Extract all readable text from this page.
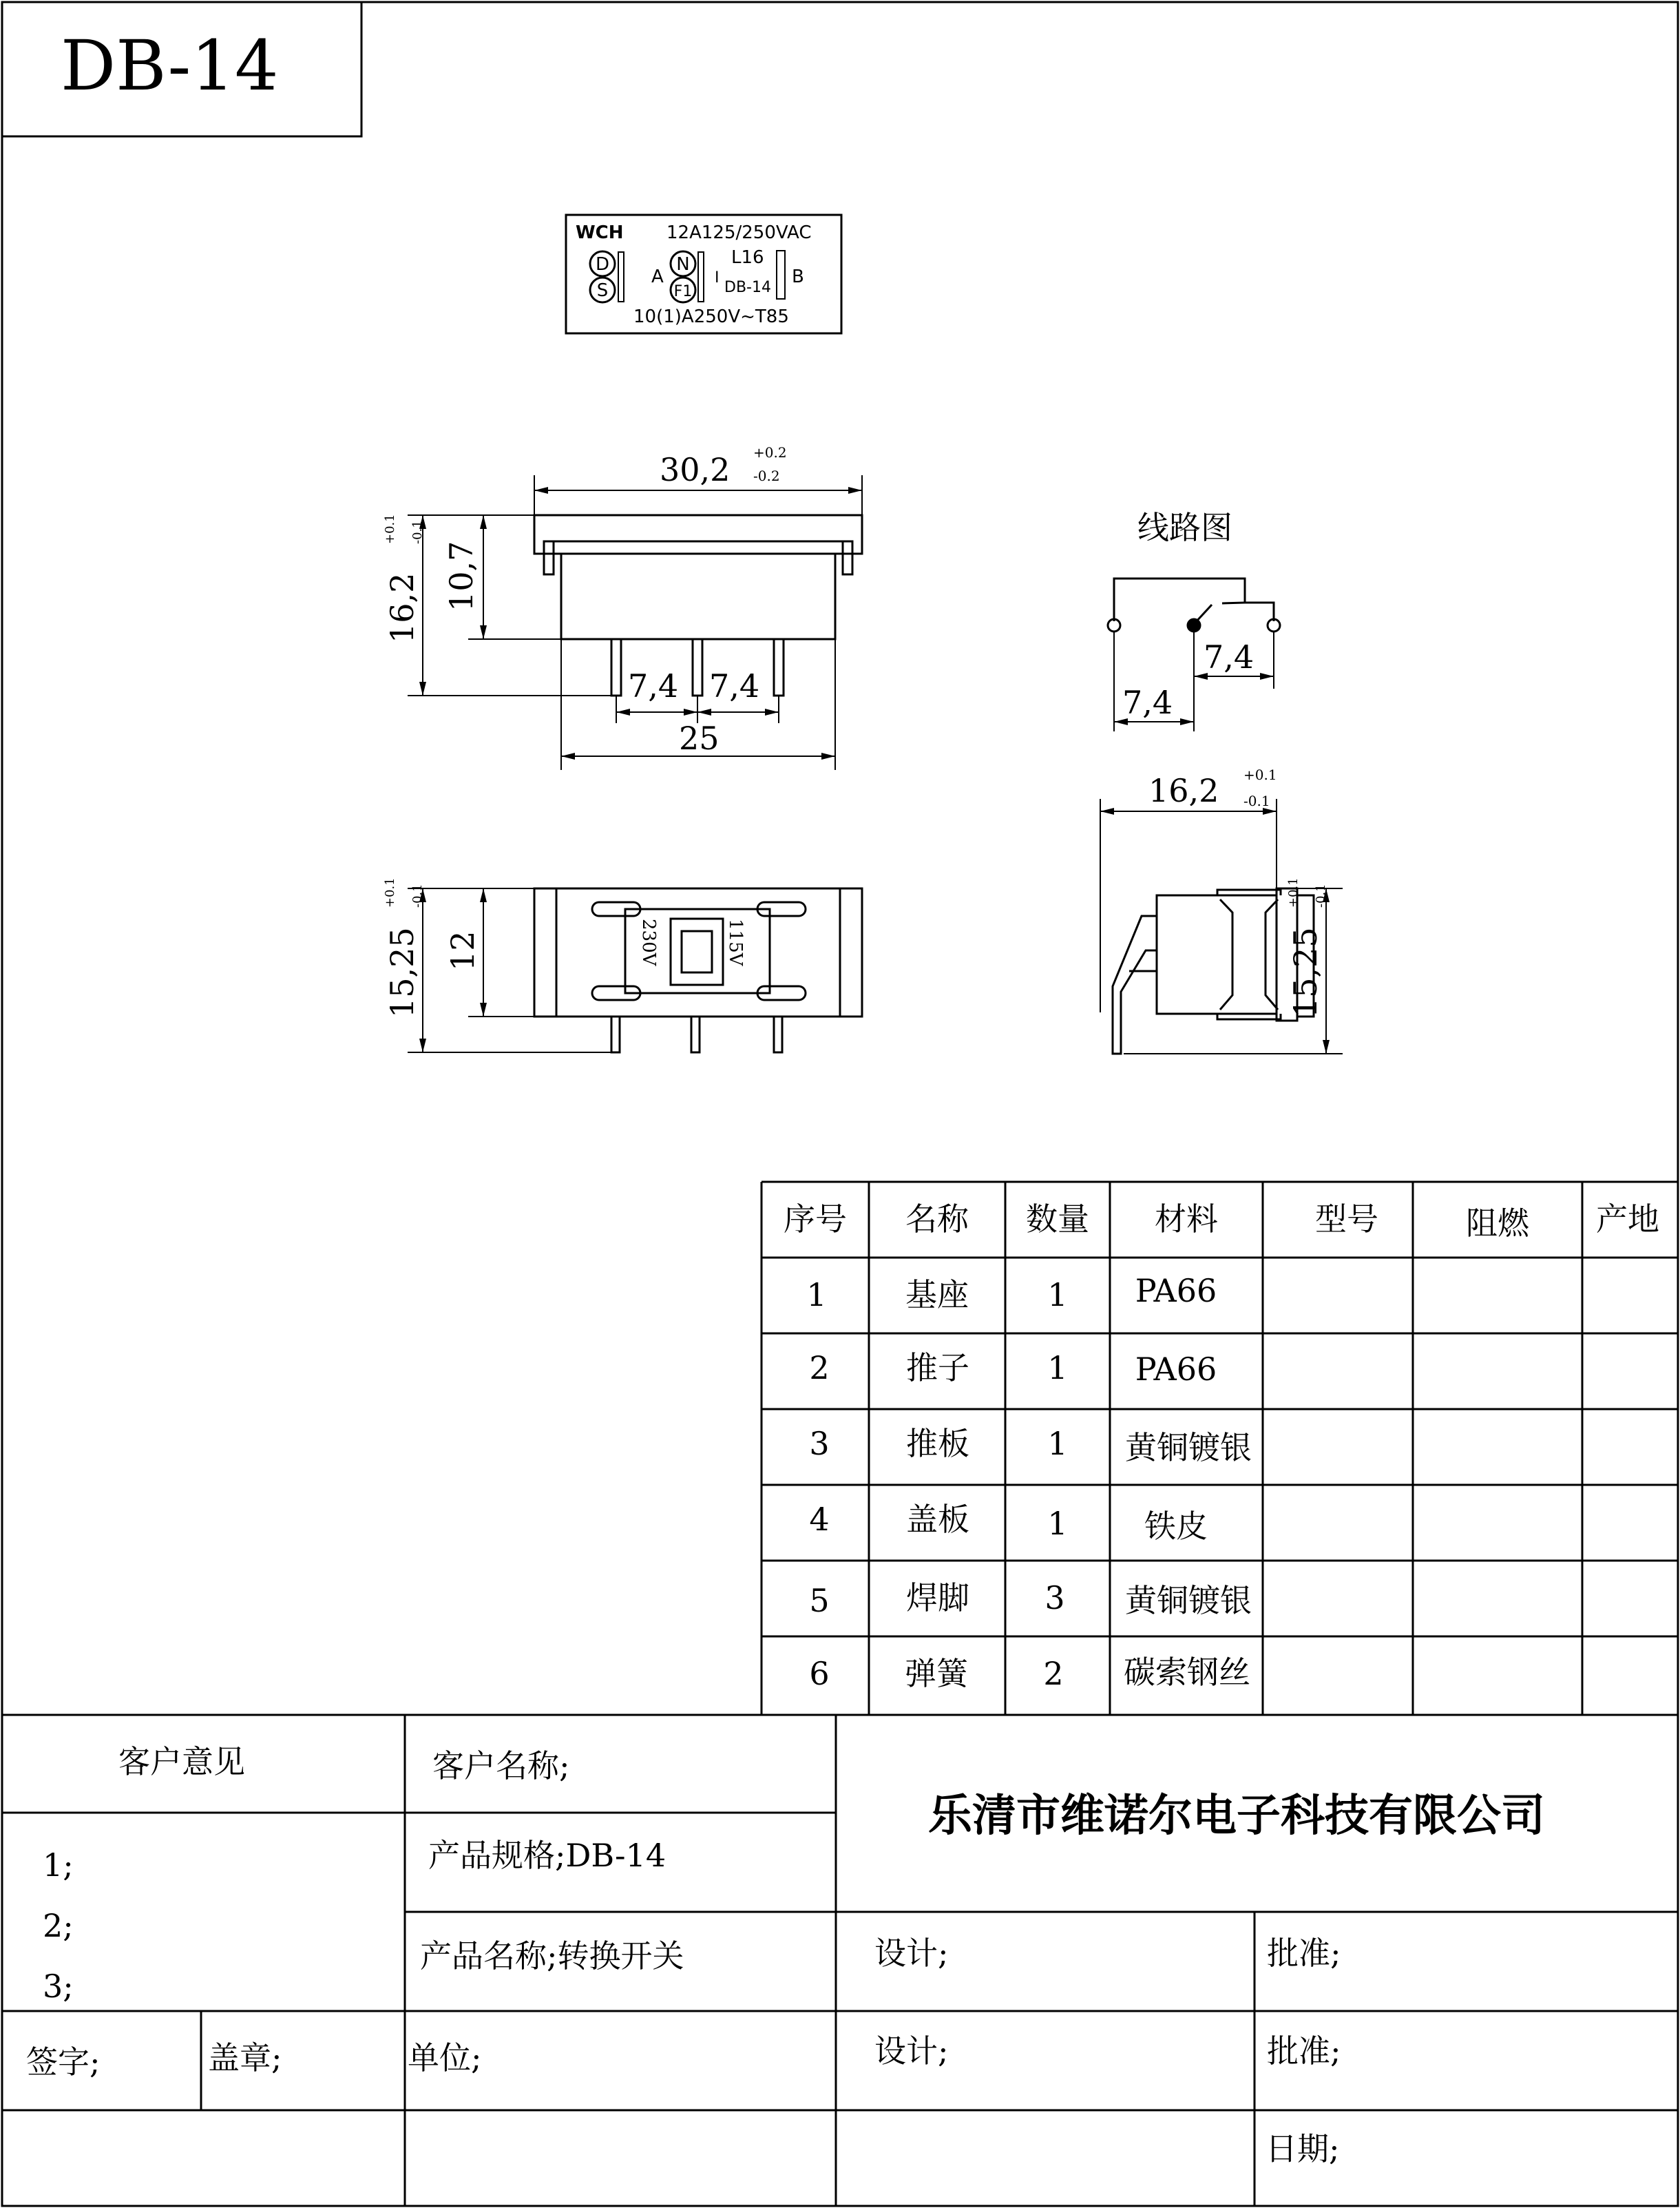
DB-14
WCH 12A125/250VAC
D
S
A
N
F1
I
L16
DB-14
B
10(1)A250V~T85
30,2 +0.2
-0.2
16,2
+0.1 -0.1
10,7
7,4 7,4
25
线路图
7,4
7,4
15,25
+0.1 -0.1
12	230V	115V
16,2 +0.1
-0.1
15,25
+0.1 -0.1
序号 名称 数量 材料	型号	阻燃 产地
1 基座 1 PA66
2 推子 1 PA66
3 推板 1 黄铜镀银
4 盖板 1 铁皮
5 焊脚 3 黄铜镀银
6 弹簧 2 碳索钢丝
客户意见	客户名称;
乐清市维诺尔电子科技有限公司
产品规格;DB-14
1;
2;
3;
产品名称;转换开关	设计;	批准;
签字;	盖章;	单位;	设计;	批准;
日期;
